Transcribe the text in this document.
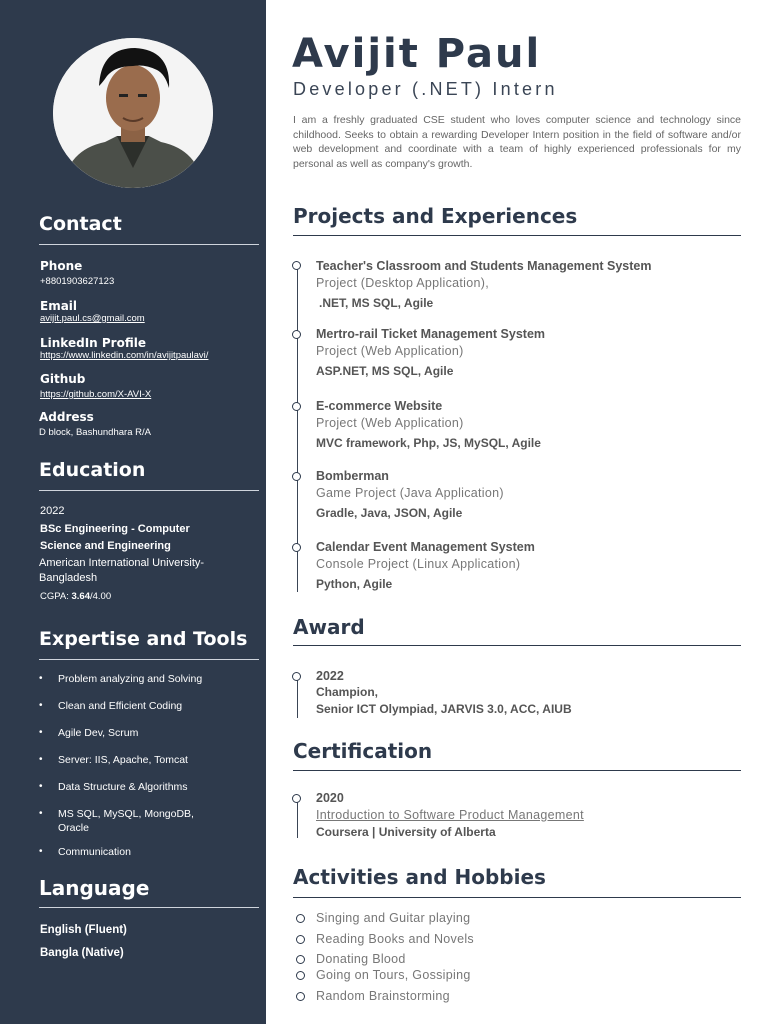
Contact
Phone
+8801903627123
Email
avijit.paul.cs@gmail.com
LinkedIn Profile
https://www.linkedin.com/in/avijitpaulavi/
Github
https://github.com/X-AVI-X
Address
D block, Bashundhara R/A
Education
2022
BSc Engineering - Computer
Science and Engineering
American International University-
Bangladesh
CGPA: 3.64/4.00
Expertise and Tools
• Problem analyzing and Solving
• Clean and Efficient Coding
• Agile Dev, Scrum
• Server: IIS, Apache, Tomcat
• Data Structure & Algorithms
• MS SQL, MySQL, MongoDB, Oracle
• Communication
Language
English (Fluent)
Bangla (Native)
Avijit Paul
Developer (.NET) Intern

I am a freshly graduated CSE student who loves computer science and technology since childhood. Seeks to obtain a rewarding Developer Intern position in the field of software and/or web development and coordinate with a team of highly experienced professionals for my personal as well as company's growth.

Projects and Experiences
Teacher's Classroom and Students Management System
Project (Desktop Application),
.NET, MS SQL, Agile
Mertro-rail Ticket Management System
Project (Web Application)
ASP.NET, MS SQL, Agile
E-commerce Website
Project (Web Application)
MVC framework, Php, JS, MySQL, Agile
Bomberman
Game Project (Java Application)
Gradle, Java, JSON, Agile
Calendar Event Management System
Console Project (Linux Application)
Python, Agile
Award
2022
Champion,
Senior ICT Olympiad, JARVIS 3.0, ACC, AIUB
Certification
2020
Introduction to Software Product Management
Coursera | University of Alberta
Activities and Hobbies
Singing and Guitar playing
Reading Books and Novels
Donating Blood
Going on Tours, Gossiping
Random Brainstorming
